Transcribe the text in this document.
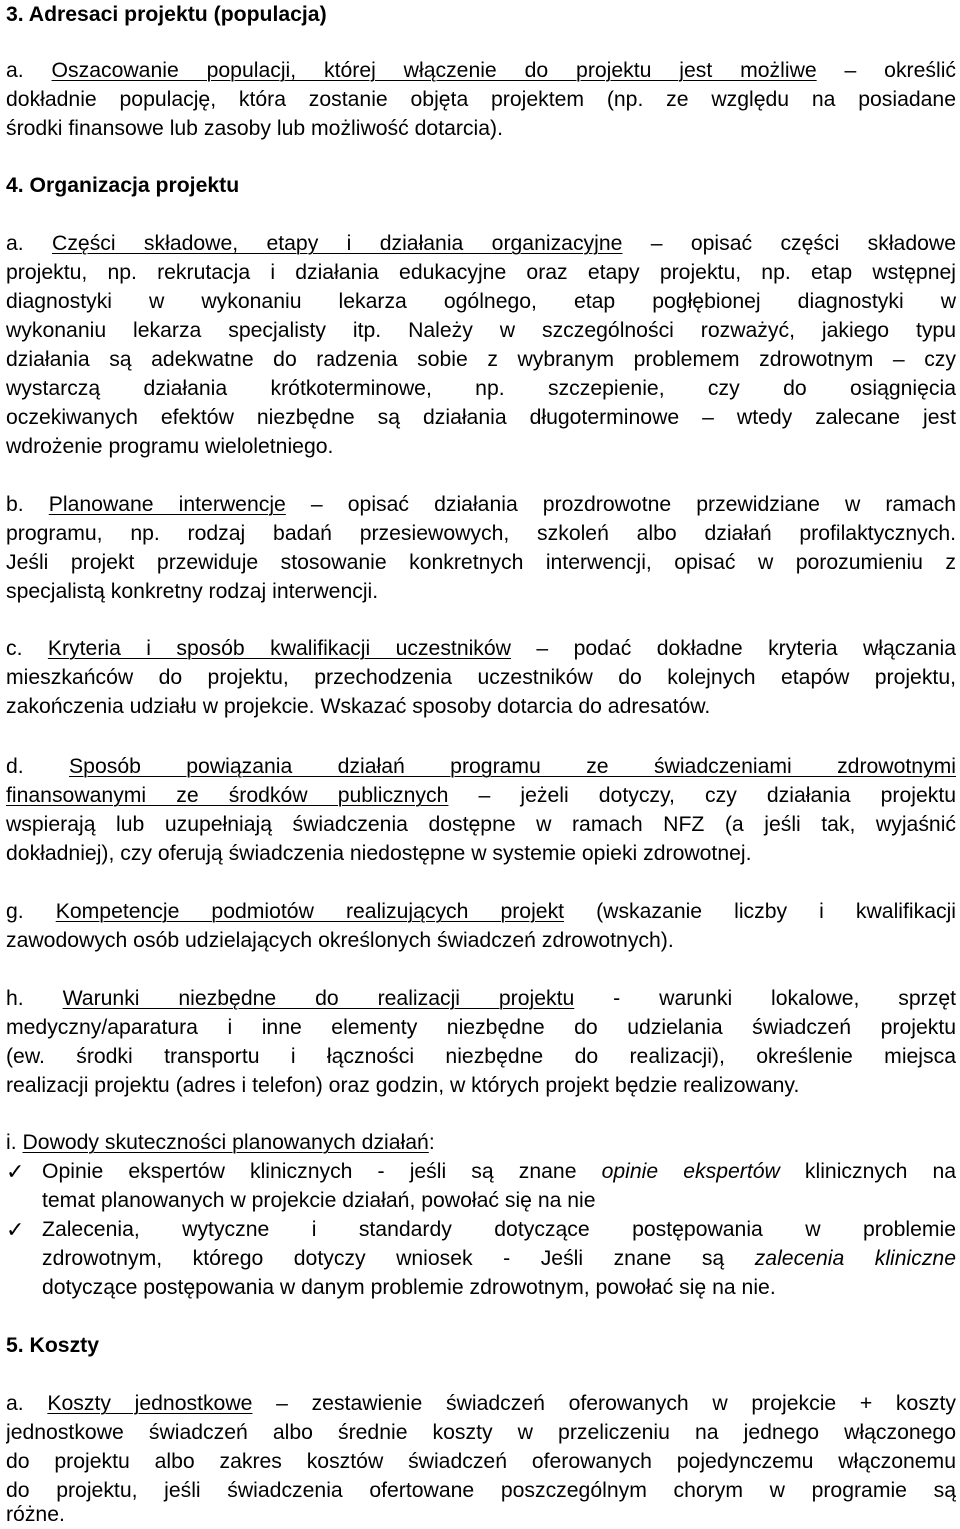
3. Adresaci projektu (populacja)
a. Oszacowanie populacji, której włączenie do projektu jest możliwe – określić
dokładnie populację, która zostanie objęta projektem (np. ze względu na posiadane
środki finansowe lub zasoby lub możliwość dotarcia).
4. Organizacja projektu
a. Części składowe, etapy i działania organizacyjne – opisać części składowe
projektu, np. rekrutacja i działania edukacyjne oraz etapy projektu, np. etap wstępnej
diagnostyki w wykonaniu lekarza ogólnego, etap pogłębionej diagnostyki w
wykonaniu lekarza specjalisty itp. Należy w szczególności rozważyć, jakiego typu
działania są adekwatne do radzenia sobie z wybranym problemem zdrowotnym – czy
wystarczą działania krótkoterminowe, np. szczepienie, czy do osiągnięcia
oczekiwanych efektów niezbędne są działania długoterminowe – wtedy zalecane jest
wdrożenie programu wieloletniego.
b. Planowane interwencje – opisać działania prozdrowotne przewidziane w ramach
programu, np. rodzaj badań przesiewowych, szkoleń albo działań profilaktycznych.
Jeśli projekt przewiduje stosowanie konkretnych interwencji, opisać w porozumieniu z
specjalistą konkretny rodzaj interwencji.
c. Kryteria i sposób kwalifikacji uczestników – podać dokładne kryteria włączania
mieszkańców do projektu, przechodzenia uczestników do kolejnych etapów projektu,
zakończenia udziału w projekcie. Wskazać sposoby dotarcia do adresatów.
d. Sposób powiązania działań programu ze świadczeniami zdrowotnymi
finansowanymi ze środków publicznych – jeżeli dotyczy, czy działania projektu
wspierają lub uzupełniają świadczenia dostępne w ramach NFZ (a jeśli tak, wyjaśnić
dokładniej), czy oferują świadczenia niedostępne w systemie opieki zdrowotnej.
g. Kompetencje podmiotów realizujących projekt (wskazanie liczby i kwalifikacji
zawodowych osób udzielających określonych świadczeń zdrowotnych).
h. Warunki niezbędne do realizacji projektu - warunki lokalowe, sprzęt
medyczny/aparatura i inne elementy niezbędne do udzielania świadczeń projektu
(ew. środki transportu i łączności niezbędne do realizacji), określenie miejsca
realizacji projektu (adres i telefon) oraz godzin, w których projekt będzie realizowany.
i. Dowody skuteczności planowanych działań:
✓ Opinie ekspertów klinicznych - jeśli są znane opinie ekspertów klinicznych na
temat planowanych w projekcie działań, powołać się na nie
✓ Zalecenia, wytyczne i standardy dotyczące postępowania w problemie
zdrowotnym, którego dotyczy wniosek - Jeśli znane są zalecenia kliniczne
dotyczące postępowania w danym problemie zdrowotnym, powołać się na nie.
5. Koszty
a. Koszty jednostkowe – zestawienie świadczeń oferowanych w projekcie + koszty
jednostkowe świadczeń albo średnie koszty w przeliczeniu na jednego włączonego
do projektu albo zakres kosztów świadczeń oferowanych pojedynczemu włączonemu
do projektu, jeśli świadczenia ofertowane poszczególnym chorym w programie są
różne.
